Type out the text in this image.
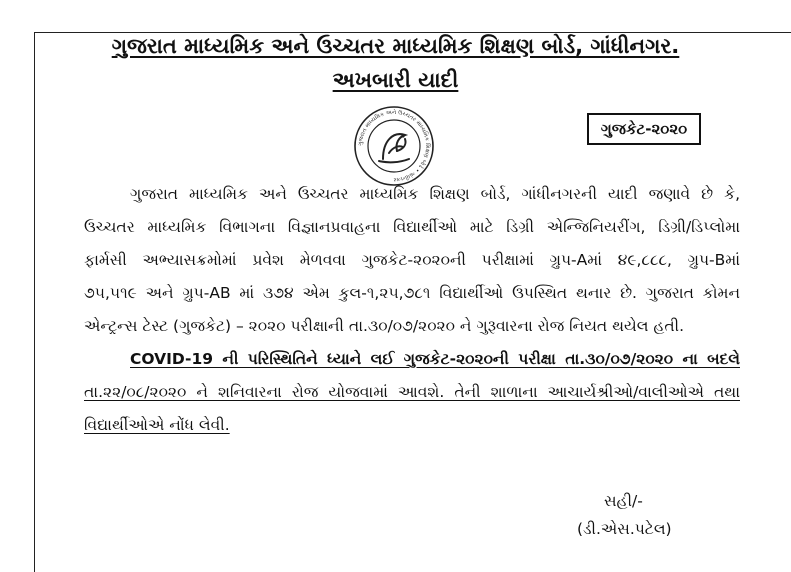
ગુજરાત માધ્યમિક અને ઉચ્ચતર માધ્યમિક શિક્ષણ બોર્ડ, ગાંધીનગર.
અખબારી યાદી
ગુજરાત માધ્યમિક અને ઉચ્ચતર માધ્યમિક શિક્ષણ બોર્ડ • ગાંધીનગર
ગુજકેટ-૨૦૨૦
ગુજરાત માધ્યમિક અને ઉચ્ચતર માધ્યમિક શિક્ષણ બોર્ડ, ગાંધીનગરની યાદી જણાવે છે કે,
ઉચ્ચતર માધ્યમિક વિભાગના વિજ્ઞાનપ્રવાહના વિદ્યાર્થીઓ માટે ડિગ્રી એન્જિનિયરીંગ, ડિગ્રી/ડિપ્લોમા
ફાર્મસી અભ્યાસક્રમોમાં પ્રવેશ મેળવવા ગુજકેટ-૨૦૨૦ની પરીક્ષામાં ગ્રુપ-Aમાં ૪૯,૮૮૮, ગ્રુપ-Bમાં
૭૫,૫૧૯ અને ગ્રુપ-AB માં ૩૭૪ એમ કુલ-૧,૨૫,૭૮૧ વિદ્યાર્થીઓ ઉપસ્થિત થનાર છે. ગુજરાત કોમન
એન્ટ્રન્સ ટેસ્ટ (ગુજકેટ) – ૨૦૨૦ પરીક્ષાની તા.૩૦/૦૭/૨૦૨૦ ને ગુરૂવારના રોજ નિયત થયેલ હતી.
COVID-19 ની પરિસ્થિતિને ધ્યાને લઈ ગુજકેટ-૨૦૨૦ની પરીક્ષા તા.૩૦/૦૭/૨૦૨૦ ના બદલે
તા.૨૨/૦૮/૨૦૨૦ ને શનિવારના રોજ યોજવામાં આવશે. તેની શાળાના આચાર્યશ્રીઓ/વાલીઓએ તથા
વિદ્યાર્થીઓએ નોંધ લેવી.
સહી/-
(ડી.એસ.પટેલ)
